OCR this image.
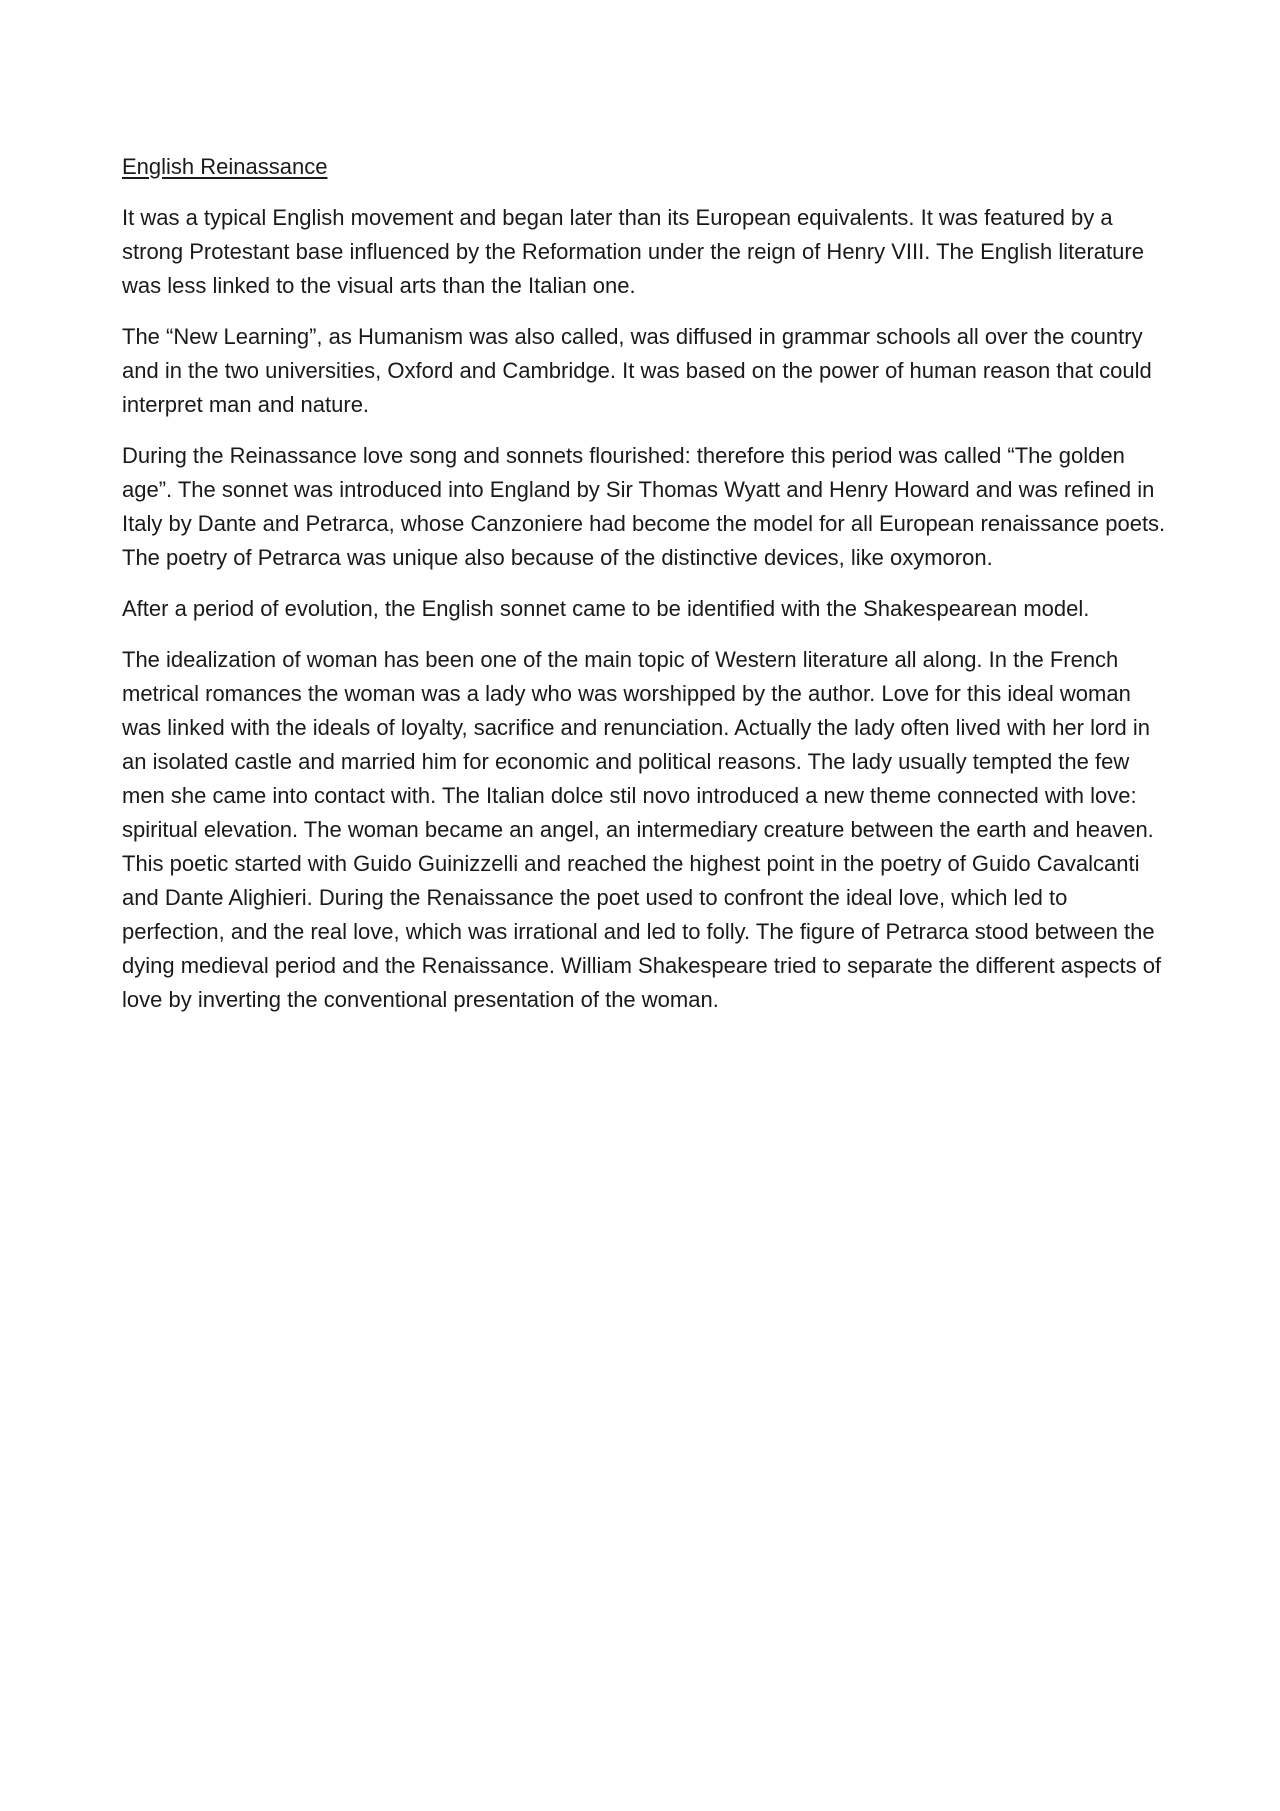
English Reinassance

It was a typical English movement and began later than its European equivalents. It was featured by a strong Protestant base influenced by the Reformation under the reign of Henry VIII. The English literature was less linked to the visual arts than the Italian one.

The “New Learning”, as Humanism was also called, was diffused in grammar schools all over the country and in the two universities, Oxford and Cambridge. It was based on the power of human reason that could interpret man and nature.

During the Reinassance love song and sonnets flourished: therefore this period was called “The golden age”. The sonnet was introduced into England by Sir Thomas Wyatt and Henry Howard and was refined in Italy by Dante and Petrarca, whose Canzoniere had become the model for all European renaissance poets. The poetry of Petrarca was unique also because of the distinctive devices, like oxymoron.

After a period of evolution, the English sonnet came to be identified with the Shakespearean model.

The idealization of woman has been one of the main topic of Western literature all along. In the French metrical romances the woman was a lady who was worshipped by the author. Love for this ideal woman was linked with the ideals of loyalty, sacrifice and renunciation. Actually the lady often lived with her lord in an isolated castle and married him for economic and political reasons. The lady usually tempted the few men she came into contact with. The Italian dolce stil novo introduced a new theme connected with love: spiritual elevation. The woman became an angel, an intermediary creature between the earth and heaven. This poetic started with Guido Guinizzelli and reached the highest point in the poetry of Guido Cavalcanti and Dante Alighieri. During the Renaissance the poet used to confront the ideal love, which led to perfection, and the real love, which was irrational and led to folly. The figure of Petrarca stood between the dying medieval period and the Renaissance. William Shakespeare tried to separate the different aspects of love by inverting the conventional presentation of the woman.
